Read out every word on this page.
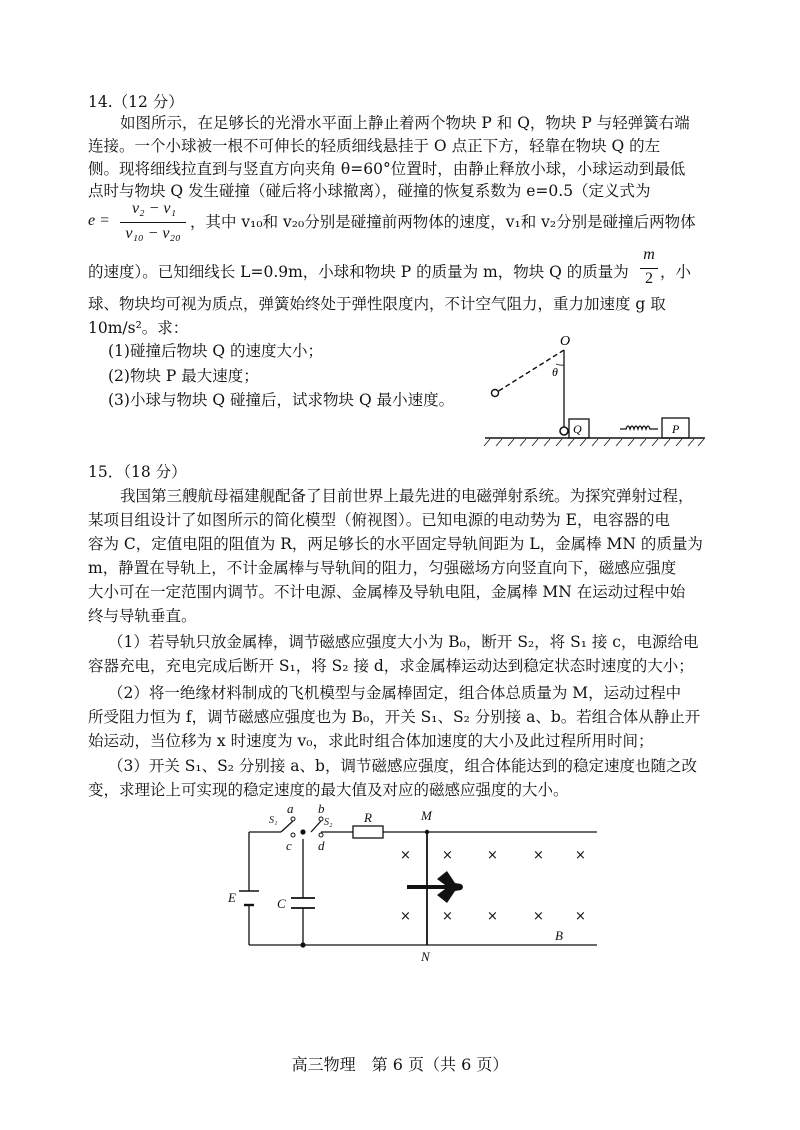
14.（12 分）
如图所示，在足够长的光滑水平面上静止着两个物块 P 和 Q，物块 P 与轻弹簧右端
连接。一个小球被一根不可伸长的轻质细线悬挂于 O 点正下方，轻靠在物块 Q 的左
侧。现将细线拉直到与竖直方向夹角 θ=60°位置时，由静止释放小球，小球运动到最低
点时与物块 Q 发生碰撞（碰后将小球撤离），碰撞的恢复系数为 e=0.5（定义式为
e =
v₂ − v₁
v₁₀ − v₂₀
，其中 v₁₀和 v₂₀分别是碰撞前两物体的速度，v₁和 v₂分别是碰撞后两物体
的速度）。已知细线长 L=0.9m，小球和物块 P 的质量为 m，物块 Q 的质量为
m
2 ，小
球、物块均可视为质点，弹簧始终处于弹性限度内，不计空气阻力，重力加速度 g 取
10m/s²。求：
(1)碰撞后物块 Q 的速度大小；
(2)物块 P 最大速度；
(3)小球与物块 Q 碰撞后，试求物块 Q 最小速度。
O
θ
Q	P
15．（18 分）
我国第三艘航母福建舰配备了目前世界上最先进的电磁弹射系统。为探究弹射过程，
某项目组设计了如图所示的简化模型（俯视图）。已知电源的电动势为 E，电容器的电
容为 C，定值电阻的阻值为 R，两足够长的水平固定导轨间距为 L，金属棒 MN 的质量为
m，静置在导轨上，不计金属棒与导轨间的阻力，匀强磁场方向竖直向下，磁感应强度
大小可在一定范围内调节。不计电源、金属棒及导轨电阻，金属棒 MN 在运动过程中始
终与导轨垂直。
（1）若导轨只放金属棒，调节磁感应强度大小为 B₀，断开 S₂，将 S₁ 接 c，电源给电
容器充电，充电完成后断开 S₁，将 S₂ 接 d，求金属棒运动达到稳定状态时速度的大小；
（2）将一绝缘材料制成的飞机模型与金属棒固定，组合体总质量为 M，运动过程中
所受阻力恒为 f，调节磁感应强度也为 B₀，开关 S₁、S₂ 分别接 a、b。若组合体从静止开
始运动，当位移为 x 时速度为 v₀，求此时组合体加速度的大小及此过程所用时间；
（3）开关 S₁、S₂ 分别接 a、b，调节磁感应强度，组合体能达到的稳定速度也随之改
变，求理论上可实现的稳定速度的最大值及对应的磁感应强度的大小。
× ×	×	× ×
× ×	×	× ×
a b
c d
S₁	S₂ R	M
N
E	C
B
高三物理　第 6 页（共 6 页）
